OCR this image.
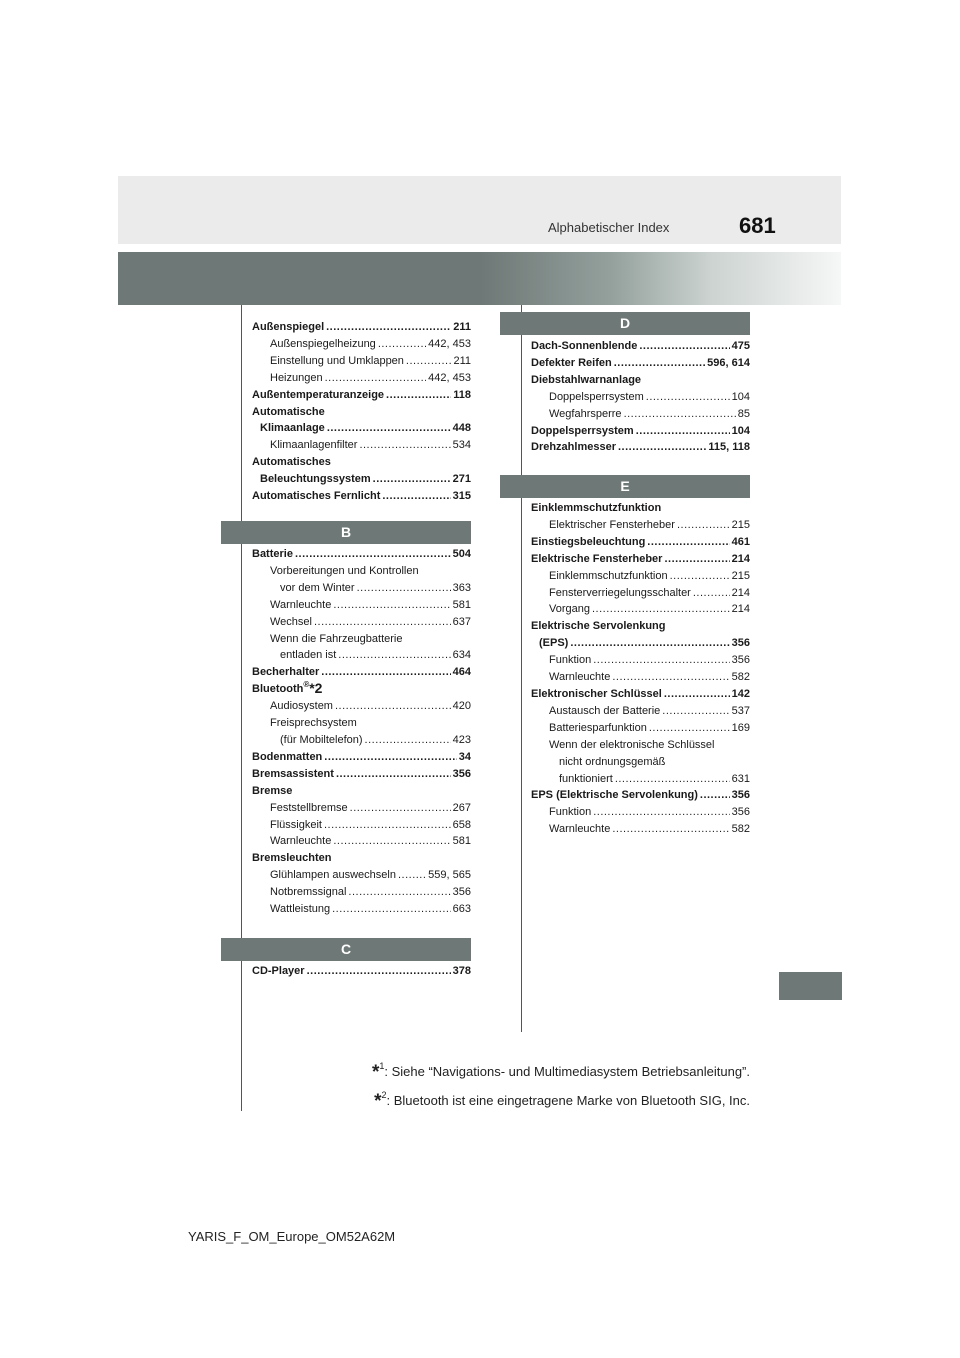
Alphabetischer Index	681
Außenspiegel .....	211
Außenspiegelheizung .....	442, 453
Einstellung und Umklappen .....	211
Heizungen .....	442, 453
Außentemperaturanzeige .....	118
Automatische
Klimaanlage .....	448
Klimaanlagenfilter .....	534
Automatisches
Beleuchtungssystem .....	271
Automatisches Fernlicht .....	315
B
Batterie .....	504
Vorbereitungen und Kontrollen
vor dem Winter .....	363
Warnleuchte .....	581
Wechsel .....	637
Wenn die Fahrzeugbatterie
entladen ist .....	634
Becherhalter .....	464
Bluetooth$^{®*2}$
Audiosystem .....	420
Freisprechsystem
(für Mobiltelefon) .....	423
Bodenmatten .....	34
Bremsassistent .....	356
Bremse
Feststellbremse .....	267
Flüssigkeit .....	658
Warnleuchte .....	581
Bremsleuchten
Glühlampen auswechseln .....	559, 565
Notbremssignal .....	356
Wattleistung .....	663
C
CD-Player .....	378
D
Dach-Sonnenblende .....	475
Defekter Reifen .....	596, 614
Diebstahlwarnanlage
Doppelsperrsystem .....	104
Wegfahrsperre .....	85
Doppelsperrsystem .....	104
Drehzahlmesser .....	115, 118
E
Einklemmschutzfunktion
Elektrischer Fensterheber .....	215
Einstiegsbeleuchtung .....	461
Elektrische Fensterheber .....	214
Einklemmschutzfunktion .....	215
Fensterverriegelungsschalter .....	214
Vorgang .....	214
Elektrische Servolenkung
(EPS) .....	356
Funktion .....	356
Warnleuchte .....	582
Elektronischer Schlüssel .....	142
Austausch der Batterie .....	537
Batteriesparfunktion .....	169
Wenn der elektronische Schlüssel
nicht ordnungsgemäß
funktioniert .....	631
EPS (Elektrische Servolenkung) .....	356
Funktion .....	356
Warnleuchte .....	582
*$^1$: Siehe “Navigations- und Multimediasystem Betriebsanleitung”.
*$^2$: Bluetooth ist eine eingetragene Marke von Bluetooth SIG, Inc.
YARIS_F_OM_Europe_OM52A62M
